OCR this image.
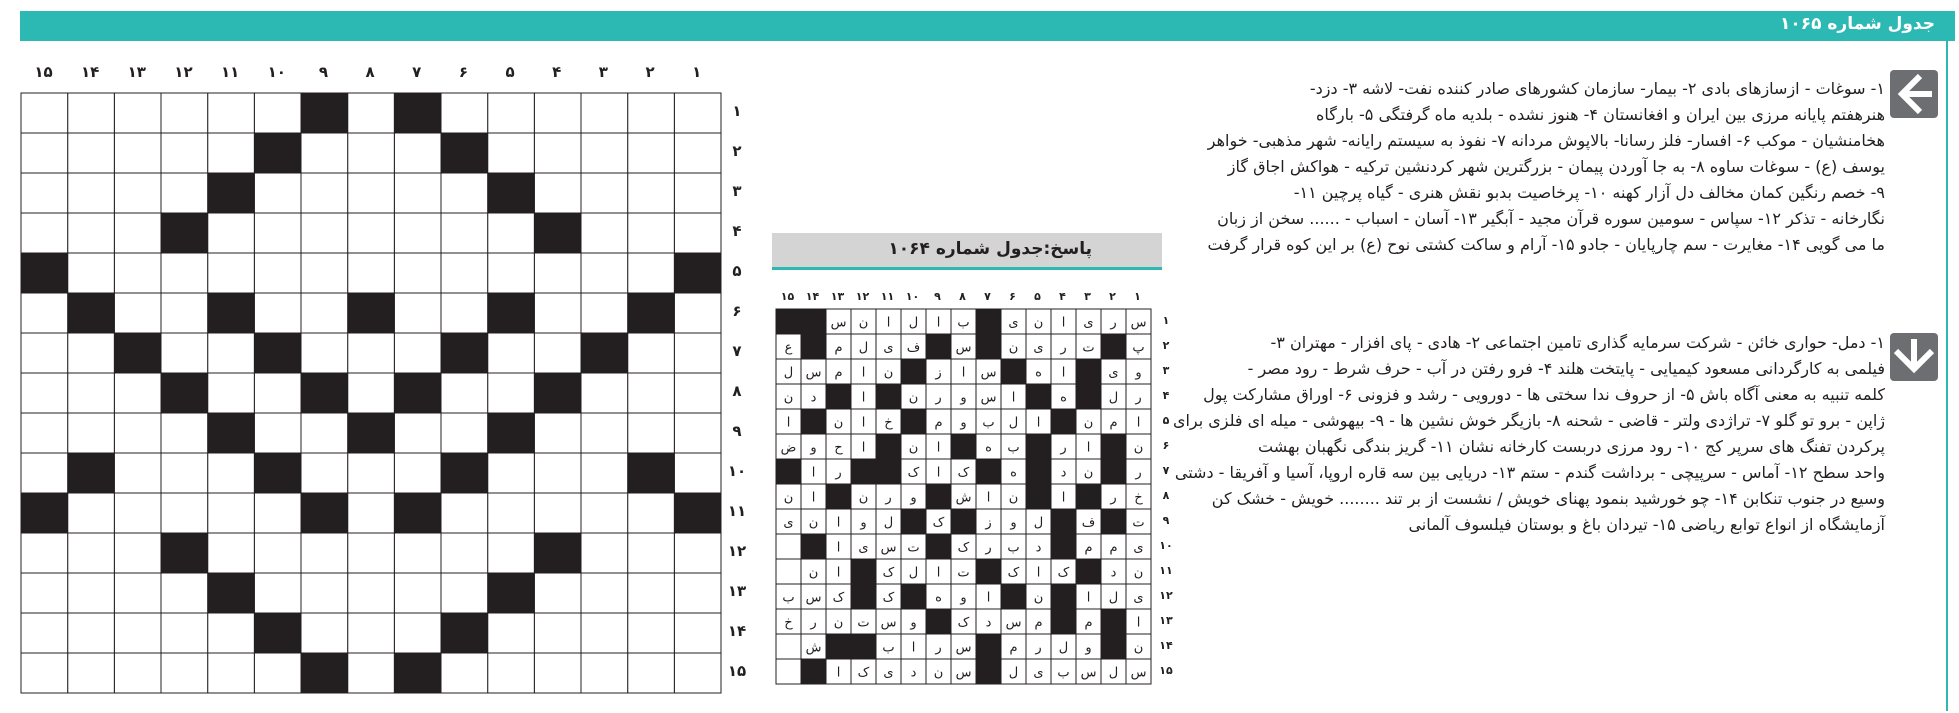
جدول شماره ۱۰۶۵
۱
۲
۳
۴
۵
۶
۷
۸
۹
۱۰
۱۱
۱۲
۱۳
۱۴
۱۵
۱
۲
۳
۴
۵
۶
۷
۸
۹
۱۰
۱۱
۱۲
۱۳
۱۴
۱۵
پاسخ:جدول شماره ۱۰۶۴
۱
۲
۳
۴
۵
۶
۷
۸
۹
۱۰
۱۱
۱۲
۱۳
۱۴
۱۵
س
ر
ی
ا
ن
ی
ب
ا
ل
ا
ن
س
پ
ت
ر
ی
ن
س
ف
ی
ل
م
ع
و
ی
ا
ه
س
ا
ز
ن
ا
م
س
ل
ر
ل
ه
ا
س
و
ر
ن
ا
د
ن
ا
م
ن
ا
ل
ب
و
م
خ
ا
ن
ا
ن
ا
ر
ب
ه
ا
ن
ا
ح
و
ض
ر
ن
د
ه
ک
ا
ک
ر
ا
خ
ر
ا
ن
ا
ش
و
ر
ن
ا
ن
ت
ف
ل
و
ز
ک
ل
و
ا
ن
ی
ی
م
م
د
ب
ر
ک
ت
س
ی
ا
ن
د
ک
ا
ک
ت
ا
ل
ک
ا
ن
ی
ل
ا
ن
ا
و
ه
ک
ک
س
ب
ا
م
م
س
د
ک
و
س
ت
ن
ر
خ
ن
و
ل
ر
م
س
ر
ا
ب
ش
س
ل
س
ب
ی
ل
س
ن
د
ی
ک
ا
۱
۲
۳
۴
۵
۶
۷
۸
۹
۱۰
۱۱
۱۲
۱۳
۱۴
۱۵

۱- سوغات - ازسازهای بادی ۲- بیمار- سازمان کشورهای صادر کننده نفت- لاشه ۳- دزد-

هنرهفتم پایانه مرزی بین ایران و افغانستان ۴- هنوز نشده - بلدیه ماه گرفتگی ۵- بارگاه

هخامنشیان - موکب ۶- افسار- فلز رسانا- بالاپوش مردانه ۷- نفوذ به سیستم رایانه- شهر مذهبی- خواهر

یوسف (ع) - سوغات ساوه ۸- به جا آوردن پیمان - بزرگترین شهر کردنشین ترکیه - هواکش اجاق گاز

۹- خصم رنگین کمان مخالف دل آزار کهنه ۱۰- پرخاصیت بدبو نقش هنری - گیاه پرچین ۱۱-

نگارخانه - تذکر ۱۲- سپاس - سومین سوره قرآن مجید - آبگیر ۱۳- آسان - اسباب - ...... سخن از زبان

ما می گویی ۱۴- مغایرت - سم چارپایان - جادو ۱۵- آرام و ساکت کشتی نوح (ع) بر این کوه قرار گرفت

۱- دمل- حواری خائن - شرکت سرمایه گذاری تامین اجتماعی ۲- هادی - پای افزار - مهتران ۳-

فیلمی به کارگردانی مسعود کیمیایی - پایتخت هلند ۴- فرو رفتن در آب - حرف شرط - رود مصر -

کلمه تنبیه به معنی آگاه باش ۵- از حروف ندا سختی ها - دورویی - رشد و فزونی ۶- اوراق مشارکت پول

ژاپن - برو تو گلو ۷- تراژدی ولتر - قاضی - شحنه ۸- بازیگر خوش نشین ها - ۹- بیهوشی - میله ای فلزی برای

پرکردن تفنگ های سرپر کج ۱۰- رود مرزی دربست کارخانه نشان ۱۱- گریز بندگی نگهبان بهشت

واحد سطح ۱۲- آماس - سرپیچی - برداشت گندم - ستم ۱۳- دریایی بین سه قاره اروپا، آسیا و آفریقا - دشتی

وسیع در جنوب تنکابن ۱۴- چو خورشید بنمود پهنای خویش / نشست از بر تند ........ خویش - خشک کن

آزمایشگاه از انواع توابع ریاضی ۱۵- تیردان باغ و بوستان فیلسوف آلمانی
